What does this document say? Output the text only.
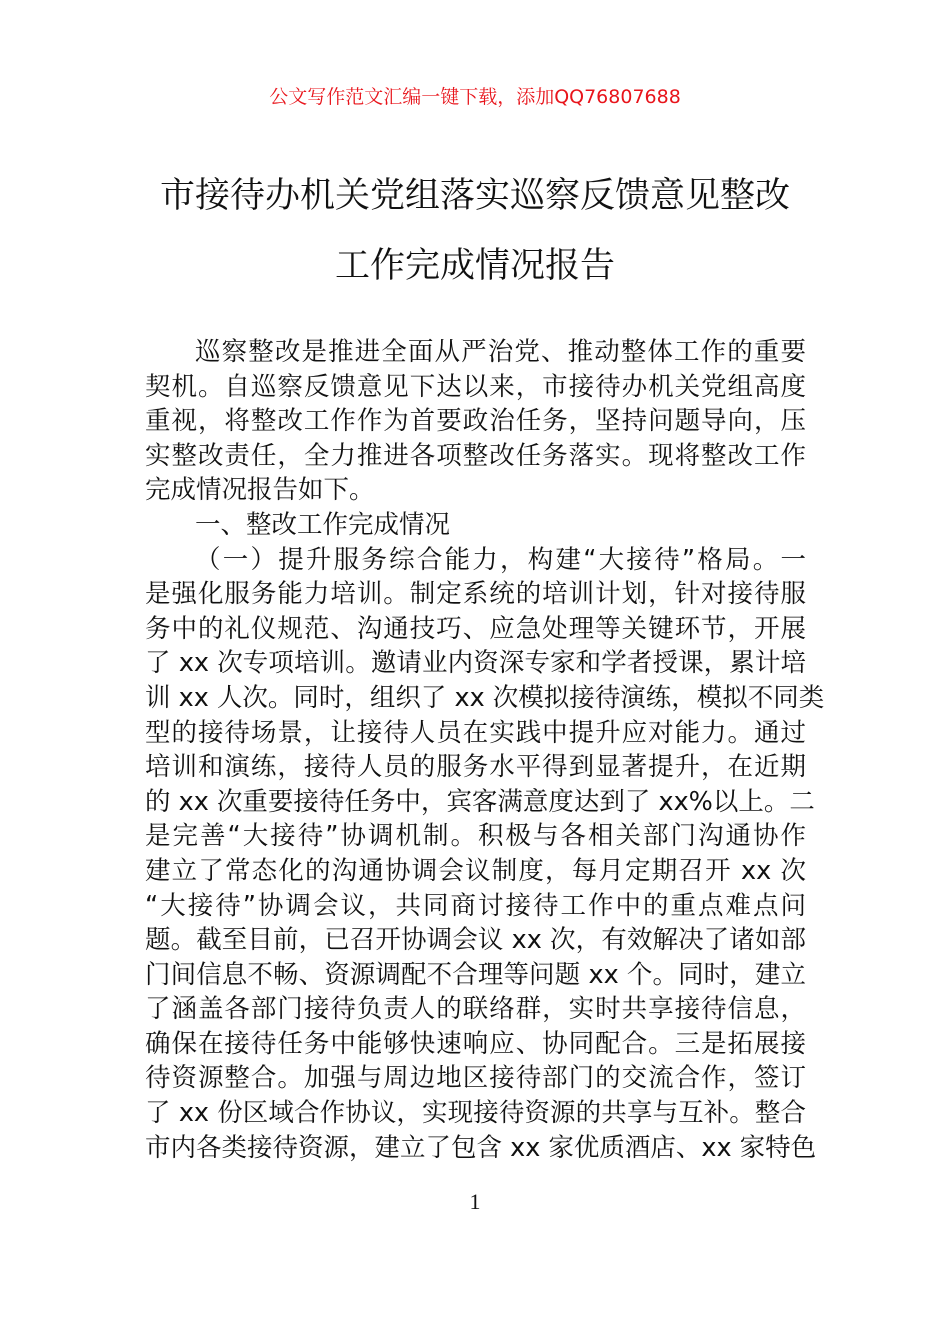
公文写作范文汇编一键下载，添加QQ76807688
市接待办机关党组落实巡察反馈意见整改
工作完成情况报告
巡察整改是推进全面从严治党、推动整体工作的重要
契机。自巡察反馈意见下达以来，市接待办机关党组高度
重视，将整改工作作为首要政治任务，坚持问题导向，压
实整改责任，全力推进各项整改任务落实。现将整改工作
完成情况报告如下。
一、整改工作完成情况
（一）提升服务综合能力，构建“大接待”格局。一
是强化服务能力培训。制定系统的培训计划，针对接待服
务中的礼仪规范、沟通技巧、应急处理等关键环节，开展
了 xx 次专项培训。邀请业内资深专家和学者授课，累计培
训 xx 人次。同时，组织了 xx 次模拟接待演练，模拟不同类
型的接待场景，让接待人员在实践中提升应对能力。通过
培训和演练，接待人员的服务水平得到显著提升，在近期
的 xx 次重要接待任务中，宾客满意度达到了 xx%以上。二
是完善“大接待”协调机制。积极与各相关部门沟通协作
建立了常态化的沟通协调会议制度，每月定期召开 xx 次
“大接待”协调会议，共同商讨接待工作中的重点难点问
题。截至目前，已召开协调会议 xx 次，有效解决了诸如部
门间信息不畅、资源调配不合理等问题 xx 个。同时，建立
了涵盖各部门接待负责人的联络群，实时共享接待信息，
确保在接待任务中能够快速响应、协同配合。三是拓展接
待资源整合。加强与周边地区接待部门的交流合作，签订
了 xx 份区域合作协议，实现接待资源的共享与互补。整合
市内各类接待资源，建立了包含 xx 家优质酒店、xx 家特色
1
